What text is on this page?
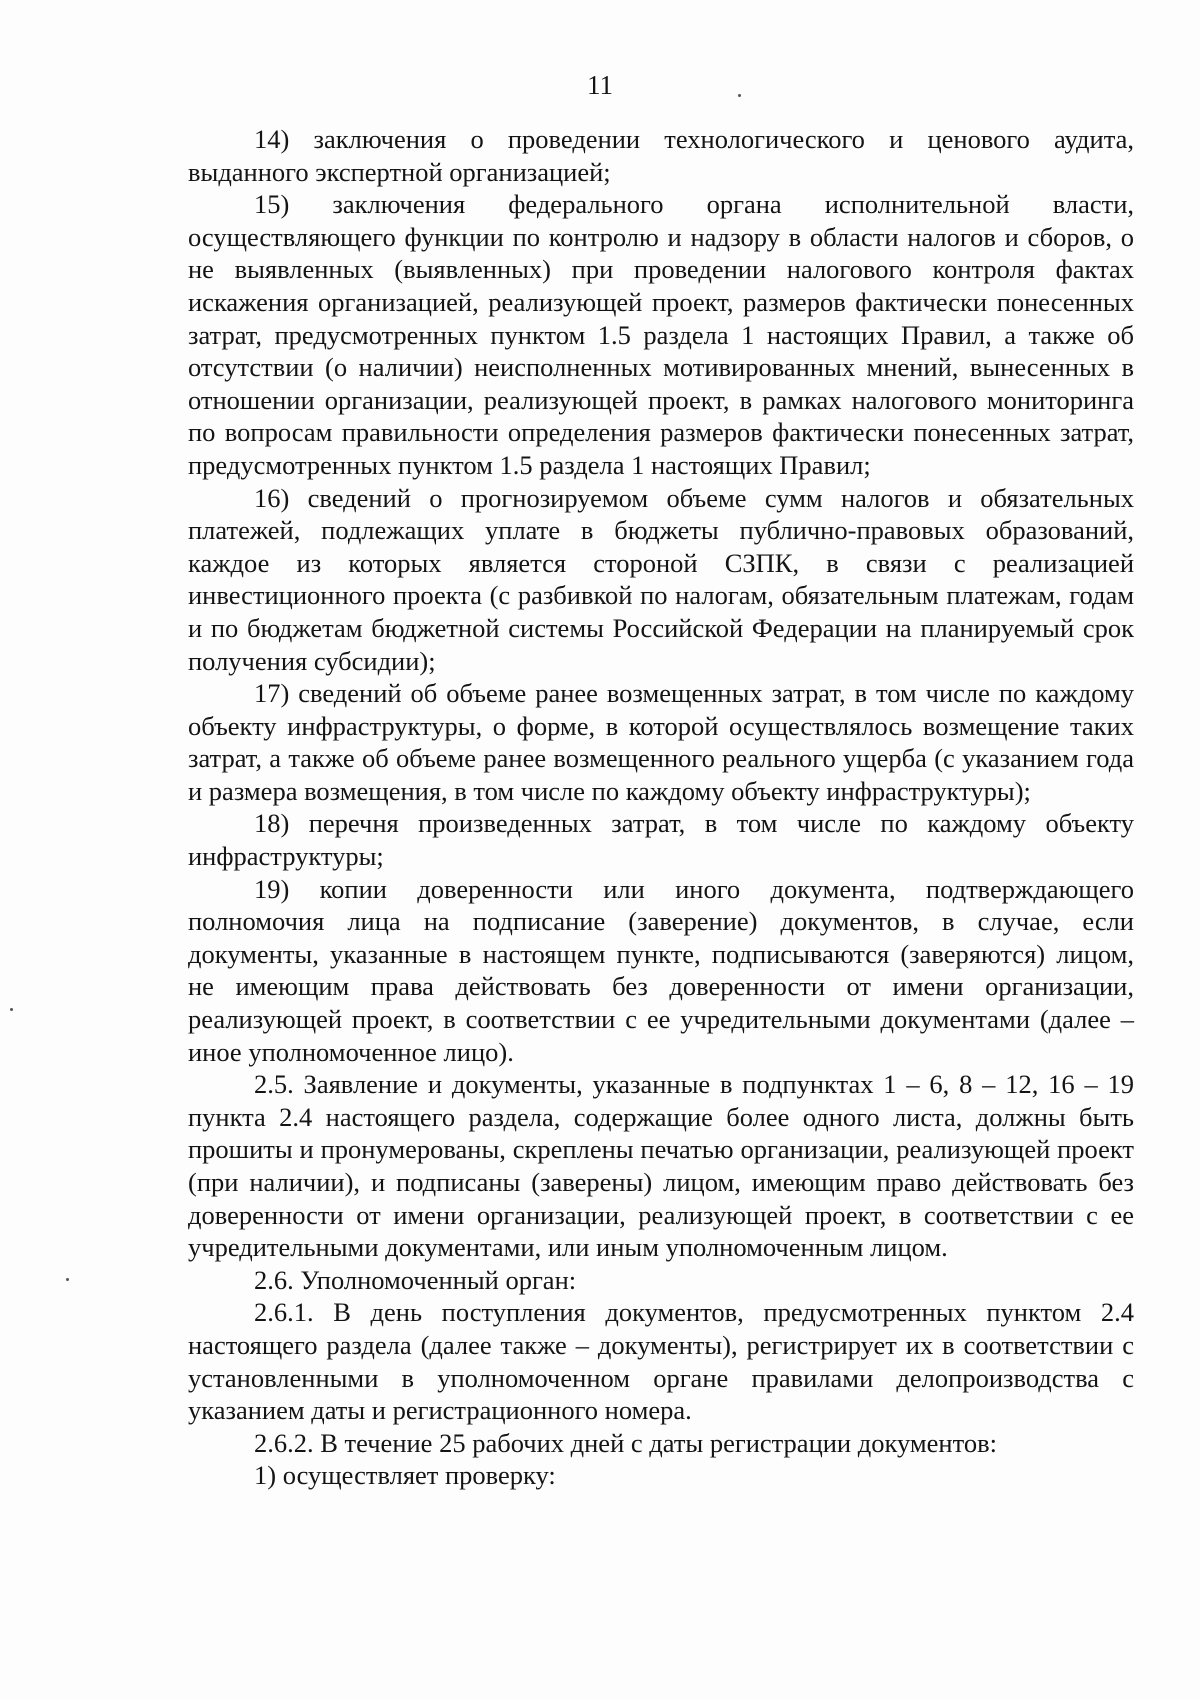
11

14) заключения о проведении технологического и ценового аудита, выданного экспертной организацией;

15) заключения федерального органа исполнительной власти, осуществляющего функции по контролю и надзору в области налогов и сборов, о не выявленных (выявленных) при проведении налогового контроля фактах искажения организацией, реализующей проект, размеров фактически понесенных затрат, предусмотренных пунктом 1.5 раздела 1 настоящих Правил, а также об отсутствии (о наличии) неисполненных мотивированных мнений, вынесенных в отношении организации, реализующей проект, в рамках налогового мониторинга по вопросам правильности определения размеров фактически понесенных затрат, предусмотренных пунктом 1.5 раздела 1 настоящих Правил;

16) сведений о прогнозируемом объеме сумм налогов и обязательных платежей, подлежащих уплате в бюджеты публично-правовых образований, каждое из которых является стороной СЗПК, в связи с реализацией инвестиционного проекта (с разбивкой по налогам, обязательным платежам, годам и по бюджетам бюджетной системы Российской Федерации на планируемый срок получения субсидии);

17) сведений об объеме ранее возмещенных затрат, в том числе по каждому объекту инфраструктуры, о форме, в которой осуществлялось возмещение таких затрат, а также об объеме ранее возмещенного реального ущерба (с указанием года и размера возмещения, в том числе по каждому объекту инфраструктуры);

18) перечня произведенных затрат, в том числе по каждому объекту инфраструктуры;

19) копии доверенности или иного документа, подтверждающего полномочия лица на подписание (заверение) документов, в случае, если документы, указанные в настоящем пункте, подписываются (заверяются) лицом, не имеющим права действовать без доверенности от имени организации, реализующей проект, в соответствии с ее учредительными документами (далее – иное уполномоченное лицо).

2.5. Заявление и документы, указанные в подпунктах 1 – 6, 8 – 12, 16 – 19 пункта 2.4 настоящего раздела, содержащие более одного листа, должны быть прошиты и пронумерованы, скреплены печатью организации, реализующей проект (при наличии), и подписаны (заверены) лицом, имеющим право действовать без доверенности от имени организации, реализующей проект, в соответствии с ее учредительными документами, или иным уполномоченным лицом.

2.6. Уполномоченный орган:

2.6.1. В день поступления документов, предусмотренных пунктом 2.4 настоящего раздела (далее также – документы), регистрирует их в соответствии с установленными в уполномоченном органе правилами делопроизводства с указанием даты и регистрационного номера.

2.6.2. В течение 25 рабочих дней с даты регистрации документов:

1) осуществляет проверку:
